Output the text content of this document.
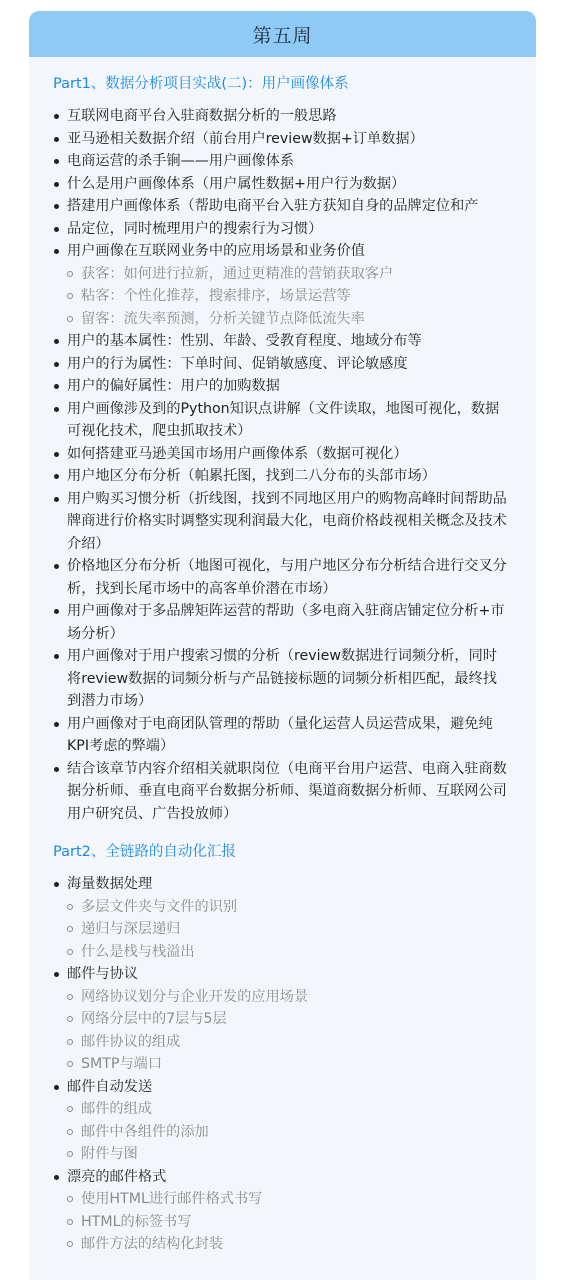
第五周
Part1、数据分析项目实战(二)：用户画像体系
互联网电商平台入驻商数据分析的一般思路
亚马逊相关数据介绍（前台用户review数据+订单数据）
电商运营的杀手锏——用户画像体系
什么是用户画像体系（用户属性数据+用户行为数据）
搭建用户画像体系（帮助电商平台入驻方获知自身的品牌定位和产
品定位，同时梳理用户的搜索行为习惯）
用户画像在互联网业务中的应用场景和业务价值
获客：如何进行拉新，通过更精准的营销获取客户
粘客：个性化推荐，搜索排序，场景运营等
留客：流失率预测，分析关键节点降低流失率
用户的基本属性：性别、年龄、受教育程度、地域分布等
用户的行为属性：下单时间、促销敏感度、评论敏感度
用户的偏好属性：用户的加购数据
用户画像涉及到的Python知识点讲解（文件读取，地图可视化，数据可视化技术，爬虫抓取技术）
如何搭建亚马逊美国市场用户画像体系（数据可视化）
用户地区分布分析（帕累托图，找到二八分布的头部市场）
用户购买习惯分析（折线图，找到不同地区用户的购物高峰时间帮助品牌商进行价格实时调整实现利润最大化，电商价格歧视相关概念及技术介绍）
价格地区分布分析（地图可视化，与用户地区分布分析结合进行交叉分析，找到长尾市场中的高客单价潜在市场）
用户画像对于多品牌矩阵运营的帮助（多电商入驻商店铺定位分析+市场分析）
用户画像对于用户搜索习惯的分析（review数据进行词频分析，同时将review数据的词频分析与产品链接标题的词频分析相匹配，最终找到潜力市场）
用户画像对于电商团队管理的帮助（量化运营人员运营成果，避免纯KPI考虑的弊端）
结合该章节内容介绍相关就职岗位（电商平台用户运营、电商入驻商数据分析师、垂直电商平台数据分析师、渠道商数据分析师、互联网公司用户研究员、广告投放师）
Part2、全链路的自动化汇报
海量数据处理
多层文件夹与文件的识别
递归与深层递归
什么是栈与栈溢出
邮件与协议
网络协议划分与企业开发的应用场景
网络分层中的7层与5层
邮件协议的组成
SMTP与端口
邮件自动发送
邮件的组成
邮件中各组件的添加
附件与图
漂亮的邮件格式
使用HTML进行邮件格式书写
HTML的标签书写
邮件方法的结构化封装
